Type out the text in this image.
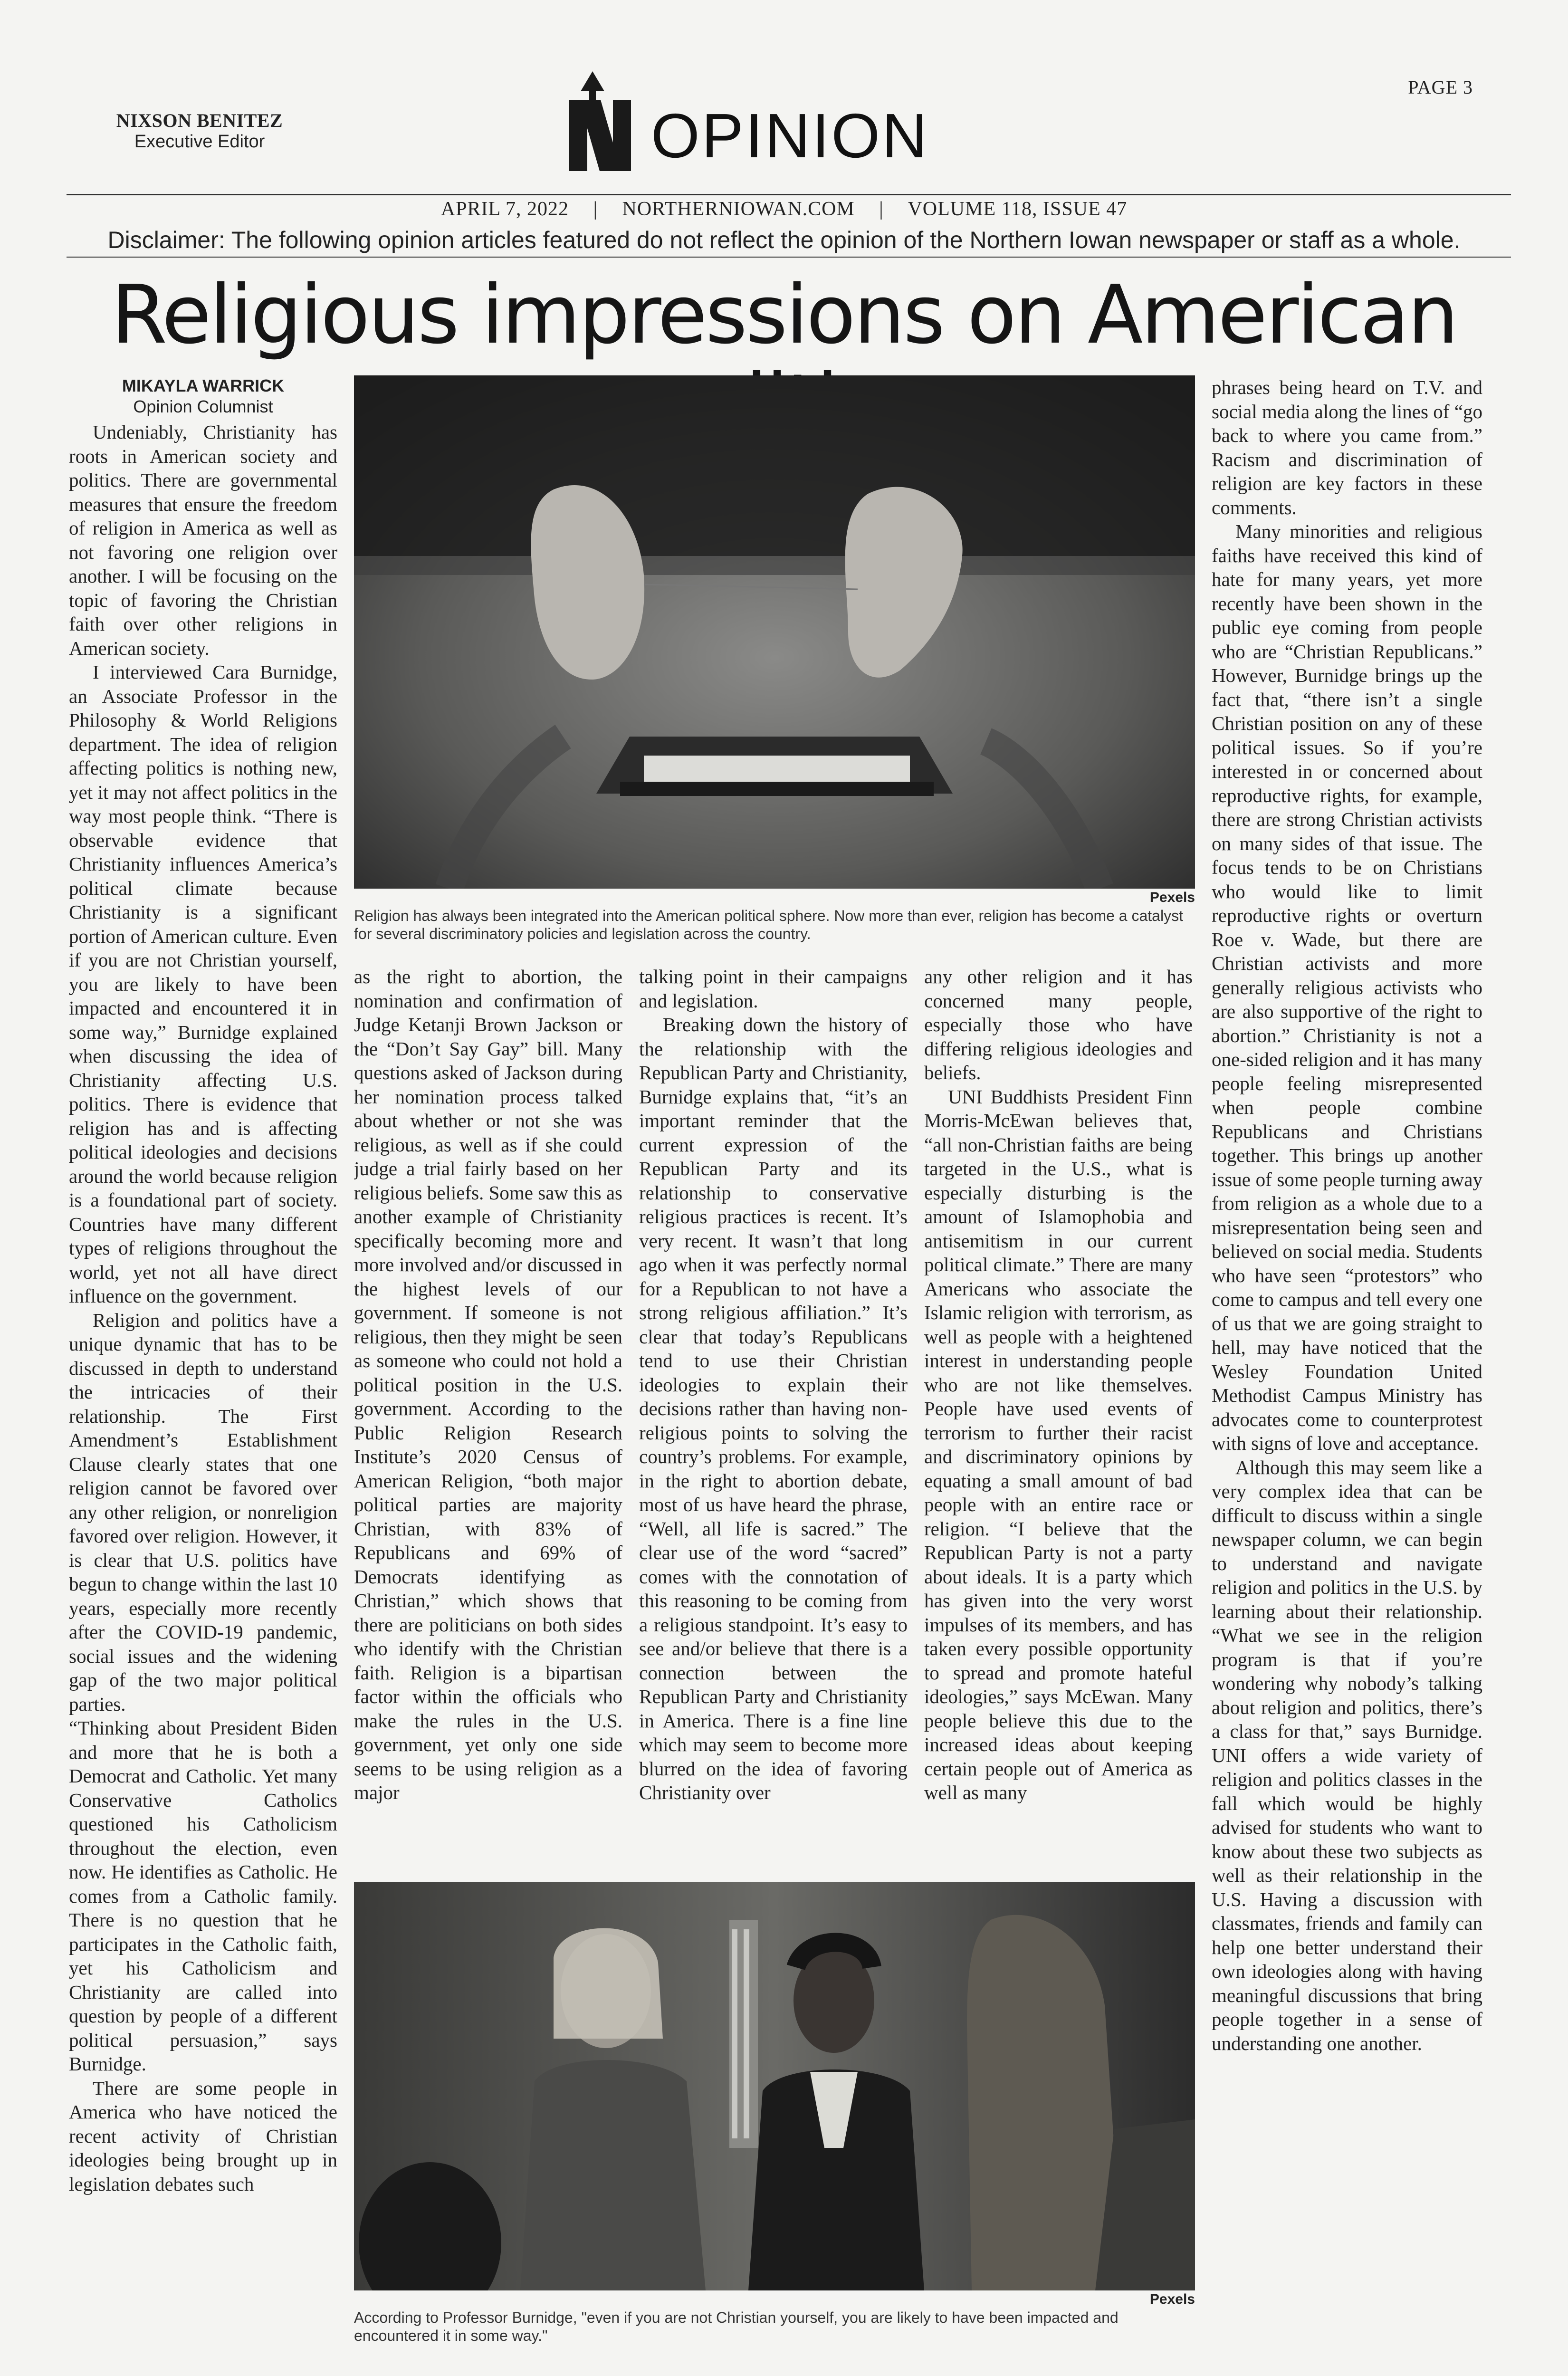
NIXSON BENITEZ
Executive Editor	OPINION
PAGE 3
APRIL 7, 2022 | NORTHERNIOWAN.COM | VOLUME 118, ISSUE 47
Disclaimer: The following opinion articles featured do not reflect the opinion of the Northern Iowan newspaper or staff as a whole.
Religious impressions on American
MIKAYLA WARRICK
Opinion Columnist

Undeniably, Christianity has roots in American society and politics. There are governmental measures that ensure the freedom of religion in America as well as not favoring one religion over another. I will be focusing on the topic of favoring the Christian faith over other religions in American society.

I interviewed Cara Burnidge, an Associate Professor in the Philosophy & World Religions department. The idea of religion affecting politics is nothing new, yet it may not affect politics in the way most people think. “There is observable evidence that Christianity influences America’s political climate because Christianity is a significant portion of American culture. Even if you are not Christian yourself, you are likely to have been impacted and encountered it in some way,” Burnidge explained when discussing the idea of Christianity affecting U.S. politics. There is evidence that religion has and is affecting political ideologies and decisions around the world because religion is a foundational part of society. Countries have many different types of religions throughout the world, yet not all have direct influence on the government.

Religion and politics have a unique dynamic that has to be discussed in depth to understand the intricacies of their relationship. The First Amendment’s Establishment Clause clearly states that one religion cannot be favored over any other religion, or nonreligion favored over religion. However, it is clear that U.S. politics have begun to change within the last 10 years, especially more recently after the COVID-19 pandemic, social issues and the widening gap of the two major political parties.

“Thinking about President Biden and more that he is both a Democrat and Catholic. Yet many Conservative Catholics questioned his Catholicism throughout the election, even now. He identifies as Catholic. He comes from a Catholic family. There is no question that he participates in the Catholic faith, yet his Catholicism and Christianity are called into question by people of a different political persuasion,” says Burnidge.

There are some people in America who have noticed the recent activity of Christian ideologies being brought up in legislation debates such

Pexels
Religion has always been integrated into the American political sphere. Now more than ever, religion has become a catalyst for several discriminatory policies and legislation across the country.

as the right to abortion, the nomination and confirmation of Judge Ketanji Brown Jackson or the “Don’t Say Gay” bill. Many questions asked of Jackson during her nomination process talked about whether or not she was religious, as well as if she could judge a trial fairly based on her religious beliefs. Some saw this as another example of Christianity specifically becoming more and more involved and/or discussed in the highest levels of our government. If someone is not religious, then they might be seen as someone who could not hold a political position in the U.S. government. According to the Public Religion Research Institute’s 2020 Census of American Religion, “both major political parties are majority Christian, with 83% of Republicans and 69% of Democrats identifying as Christian,” which shows that there are politicians on both sides who identify with the Christian faith. Religion is a bipartisan factor within the officials who make the rules in the U.S. government, yet only one side seems to be using religion as a major

talking point in their campaigns and legislation.

Breaking down the history of the relationship with the Republican Party and Christianity, Burnidge explains that, “it’s an important reminder that the current expression of the Republican Party and its relationship to conservative religious practices is recent. It’s very recent. It wasn’t that long ago when it was perfectly normal for a Republican to not have a strong religious affiliation.” It’s clear that today’s Republicans tend to use their Christian ideologies to explain their decisions rather than having non-religious points to solving the country’s problems. For example, in the right to abortion debate, most of us have heard the phrase, “Well, all life is sacred.” The clear use of the word “sacred” comes with the connotation of this reasoning to be coming from a religious standpoint. It’s easy to see and/or believe that there is a connection between the Republican Party and Christianity in America. There is a fine line which may seem to become more blurred on the idea of favoring Christianity over

any other religion and it has concerned many people, especially those who have differing religious ideologies and beliefs.

UNI Buddhists President Finn Morris-McEwan believes that, “all non-Christian faiths are being targeted in the U.S., what is especially disturbing is the amount of Islamophobia and antisemitism in our current political climate.” There are many Americans who associate the Islamic religion with terrorism, as well as people with a heightened interest in understanding people who are not like themselves. People have used events of terrorism to further their racist and discriminatory opinions by equating a small amount of bad people with an entire race or religion. “I believe that the Republican Party is not a party about ideals. It is a party which has given into the very worst impulses of its members, and has taken every possible opportunity to spread and promote hateful ideologies,” says McEwan. Many people believe this due to the increased ideas about keeping certain people out of America as well as many

Pexels
According to Professor Burnidge, "even if you are not Christian yourself, you are likely to have been impacted and encountered it in some way."

phrases being heard on T.V. and social media along the lines of “go back to where you came from.” Racism and discrimination of religion are key factors in these comments.

Many minorities and religious faiths have received this kind of hate for many years, yet more recently have been shown in the public eye coming from people who are “Christian Republicans.” However, Burnidge brings up the fact that, “there isn’t a single Christian position on any of these political issues. So if you’re interested in or concerned about reproductive rights, for example, there are strong Christian activists on many sides of that issue. The focus tends to be on Christians who would like to limit reproductive rights or overturn Roe v. Wade, but there are Christian activists and more generally religious activists who are also supportive of the right to abortion.” Christianity is not a one-sided religion and it has many people feeling misrepresented when people combine Republicans and Christians together. This brings up another issue of some people turning away from religion as a whole due to a misrepresentation being seen and believed on social media. Students who have seen “protestors” who come to campus and tell every one of us that we are going straight to hell, may have noticed that the Wesley Foundation United Methodist Campus Ministry has advocates come to counterprotest with signs of love and acceptance.

Although this may seem like a very complex idea that can be difficult to discuss within a single newspaper column, we can begin to understand and navigate religion and politics in the U.S. by learning about their relationship. “What we see in the religion program is that if you’re wondering why nobody’s talking about religion and politics, there’s a class for that,” says Burnidge. UNI offers a wide variety of religion and politics classes in the fall which would be highly advised for students who want to know about these two subjects as well as their relationship in the U.S. Having a discussion with classmates, friends and family can help one better understand their own ideologies along with having meaningful discussions that bring people together in a sense of understanding one another.
